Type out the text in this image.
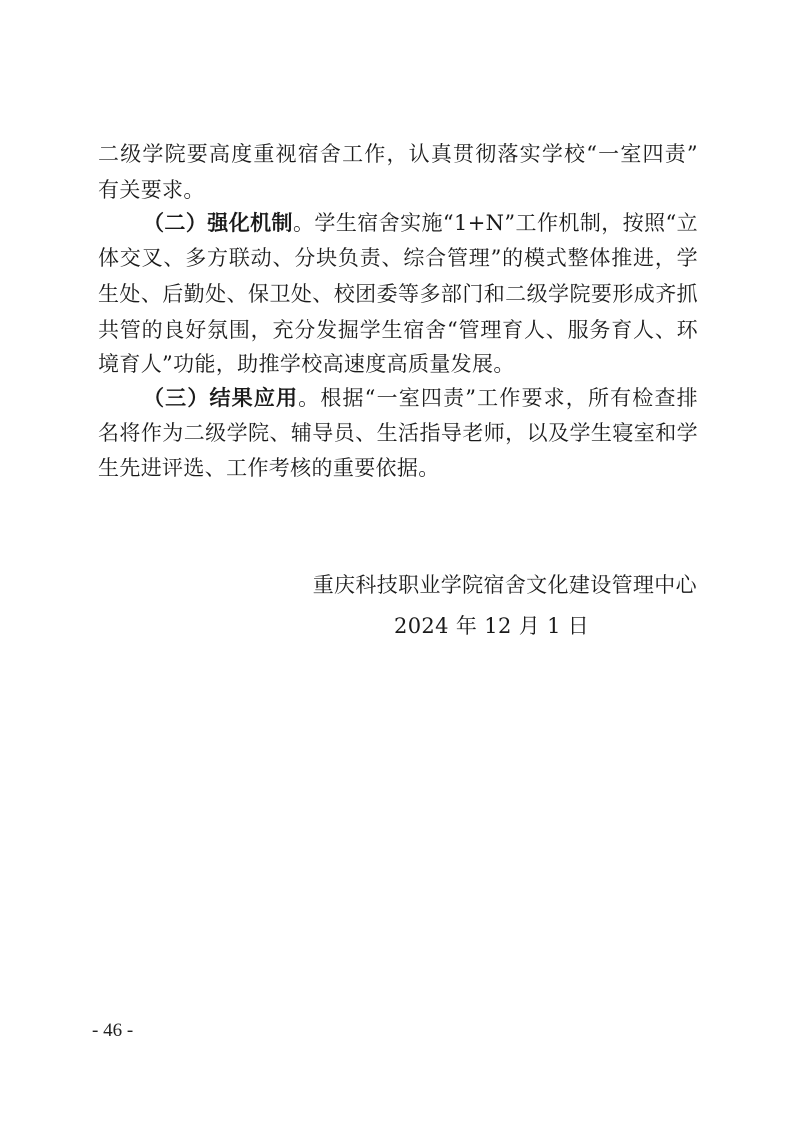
二级学院要高度重视宿舍工作，认真贯彻落实学校“一室四责”
有关要求。
（二）强化机制。学生宿舍实施“1+N”工作机制，按照“立
体交叉、多方联动、分块负责、综合管理”的模式整体推进，学
生处、后勤处、保卫处、校团委等多部门和二级学院要形成齐抓
共管的良好氛围，充分发掘学生宿舍“管理育人、服务育人、环
境育人”功能，助推学校高速度高质量发展。
（三）结果应用。根据“一室四责”工作要求，所有检查排
名将作为二级学院、辅导员、生活指导老师，以及学生寝室和学
生先进评选、工作考核的重要依据。
重庆科技职业学院宿舍文化建设管理中心
2024 年 12 月 1 日
- 46 -
